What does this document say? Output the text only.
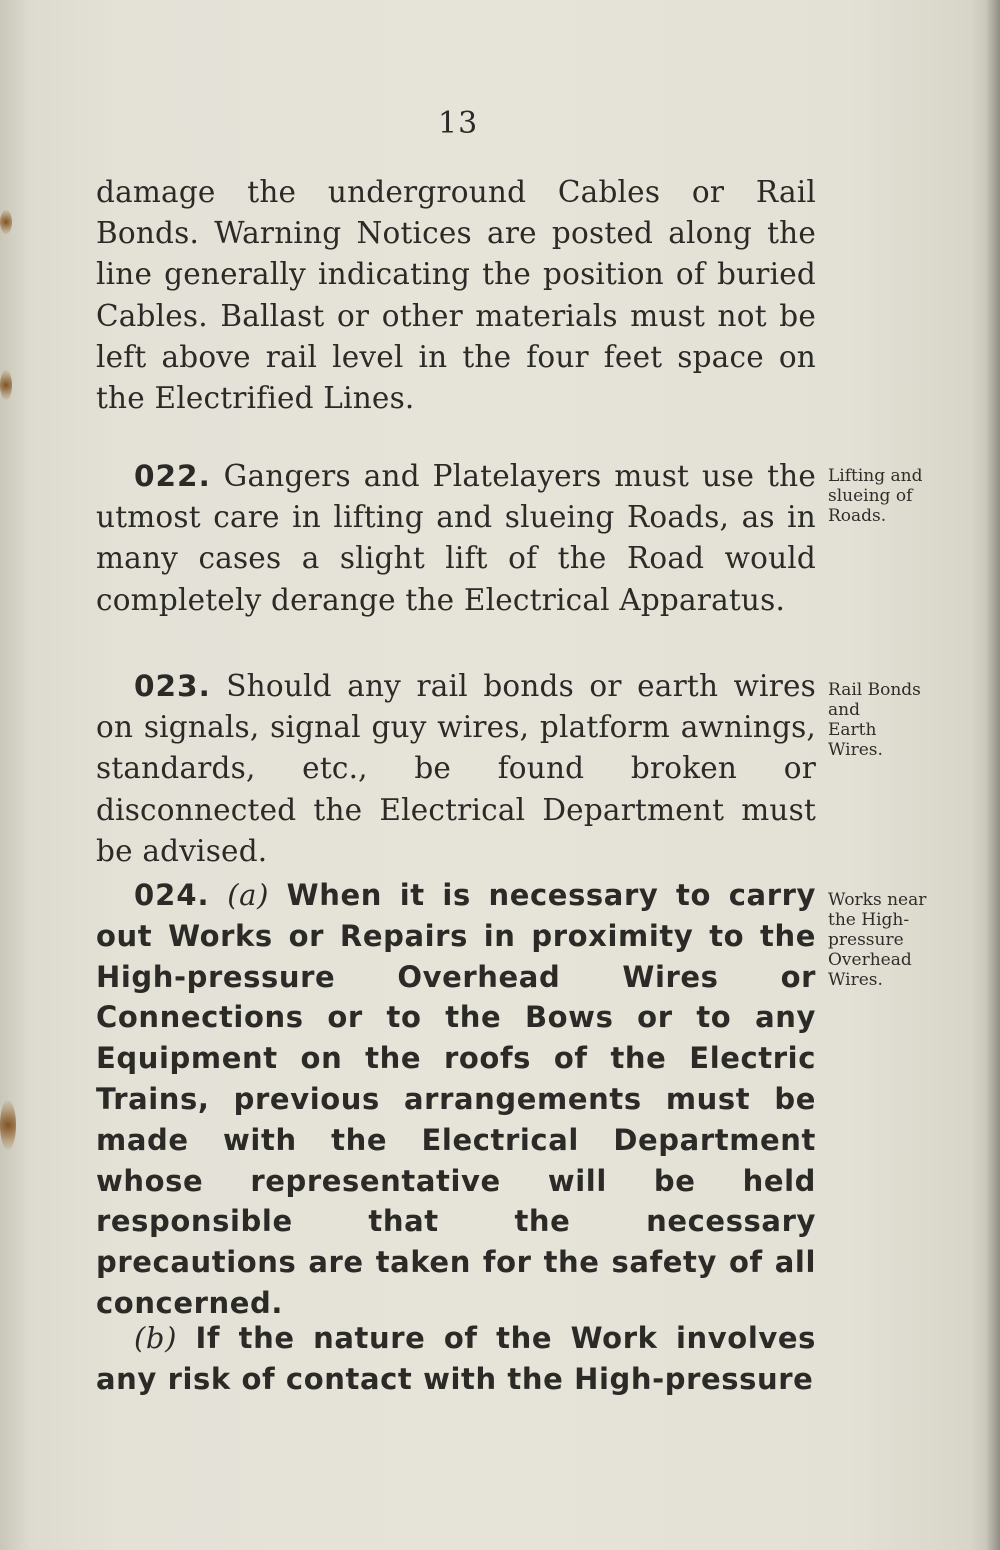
13
damage the underground Cables or Rail Bonds. Warning Notices are posted along the line generally indicating the position of buried Cables. Ballast or other materials must not be left above rail level in the four feet space on the Electrified Lines.
022. Gangers and Platelayers must use the utmost care in lifting and slueing Roads, as in many cases a slight lift of the Road would completely derange the Electrical Apparatus.
Lifting and
slueing of
Roads.
023. Should any rail bonds or earth wires on signals, signal guy wires, platform awnings, standards, etc., be found broken or disconnected the Electrical Department must be advised.
Rail Bonds
and
Earth
Wires.
024. (a) When it is necessary to carry out Works or Repairs in proximity to the High-pressure Overhead Wires or Connections or to the Bows or to any Equipment on the roofs of the Electric Trains, previous arrangements must be made with the Electrical Department whose representative will be held responsible that the necessary precautions are taken for the safety of all concerned.
Works near
the High-
pressure
Overhead
Wires.
(b) If the nature of the Work involves any risk of contact with the High-pressure
